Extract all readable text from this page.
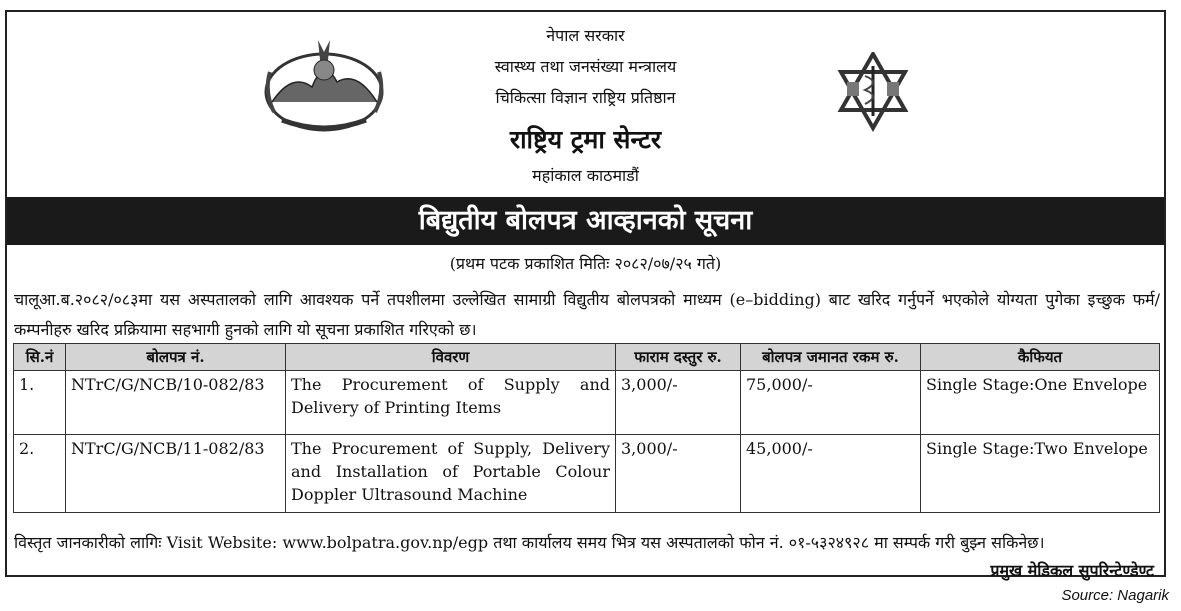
नेपाल सरकार
स्वास्थ्य तथा जनसंख्या मन्त्रालय
चिकित्सा विज्ञान राष्ट्रिय प्रतिष्ठान
राष्ट्रिय ट्रमा सेन्टर
महांकाल काठमाडौं
बिद्युतीय बोलपत्र आव्हानको सूचना
(प्रथम पटक प्रकाशित मितिः २०८२/०७/२५ गते)
चालूआ.ब.२०८२/०८३मा यस अस्पतालको लागि आवश्यक पर्ने तपशीलमा उल्लेखित सामाग्री विद्युतीय बोलपत्रको माध्यम (e–bidding) बाट खरिद गर्नुपर्ने भएकोले योग्यता पुगेका इच्छुक फर्म/कम्पनीहरु खरिद प्रक्रियामा सहभागी हुनको लागि यो सूचना प्रकाशित गरिएको छ।
सि.नं	बोलपत्र नं.	विवरण	फाराम दस्तुर रु.	बोलपत्र जमानत रकम रु.	कैफियत
1.	NTrC/G/NCB/10-082/83	The Procurement of Supply and Delivery of Printing Items	3,000/-	75,000/-	Single Stage:One Envelope
2.	NTrC/G/NCB/11-082/83	The Procurement of Supply, Delivery and Installation of Portable Colour Doppler Ultrasound Machine	3,000/-	45,000/-	Single Stage:Two Envelope
विस्तृत जानकारीको लागिः Visit Website: www.bolpatra.gov.np/egp तथा कार्यालय समय भित्र यस अस्पतालको फोन नं. ०१-५३२४९२८ मा सम्पर्क गरी बुझ्न सकिनेछ।
प्रमुख मेडिकल सुपरिन्टेण्डेण्ट
Source: Nagarik
